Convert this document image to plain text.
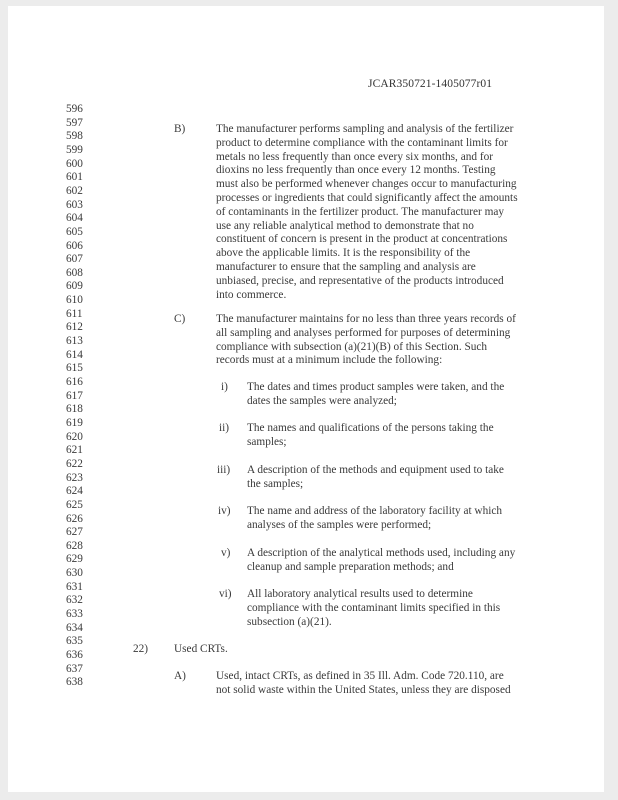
JCAR350721-1405077r01
596
597
598
599
600
601
602
603
604
605
606
607
608
609
610
611
612
613
614
615
616
617
618
619
620
621
622
623
624
625
626
627
628
629
630
631
632
633
634
635
636
637
638
B)	The manufacturer performs sampling and analysis of the fertilizer
product to determine compliance with the contaminant limits for
metals no less frequently than once every six months, and for
dioxins no less frequently than once every 12 months. Testing
must also be performed whenever changes occur to manufacturing
processes or ingredients that could significantly affect the amounts
of contaminants in the fertilizer product. The manufacturer may
use any reliable analytical method to demonstrate that no
constituent of concern is present in the product at concentrations
above the applicable limits. It is the responsibility of the
manufacturer to ensure that the sampling and analysis are
unbiased, precise, and representative of the products introduced
into commerce.
C)	The manufacturer maintains for no less than three years records of
all sampling and analyses performed for purposes of determining
compliance with subsection (a)(21)(B) of this Section. Such
records must at a minimum include the following:
i) The dates and times product samples were taken, and the
dates the samples were analyzed;
ii) The names and qualifications of the persons taking the
samples;
iii) A description of the methods and equipment used to take
the samples;
iv) The name and address of the laboratory facility at which
analyses of the samples were performed;
v) A description of the analytical methods used, including any
cleanup and sample preparation methods; and
vi) All laboratory analytical results used to determine
compliance with the contaminant limits specified in this
subsection (a)(21).
22) Used CRTs.
A)	Used, intact CRTs, as defined in 35 Ill. Adm. Code 720.110, are
not solid waste within the United States, unless they are disposed
